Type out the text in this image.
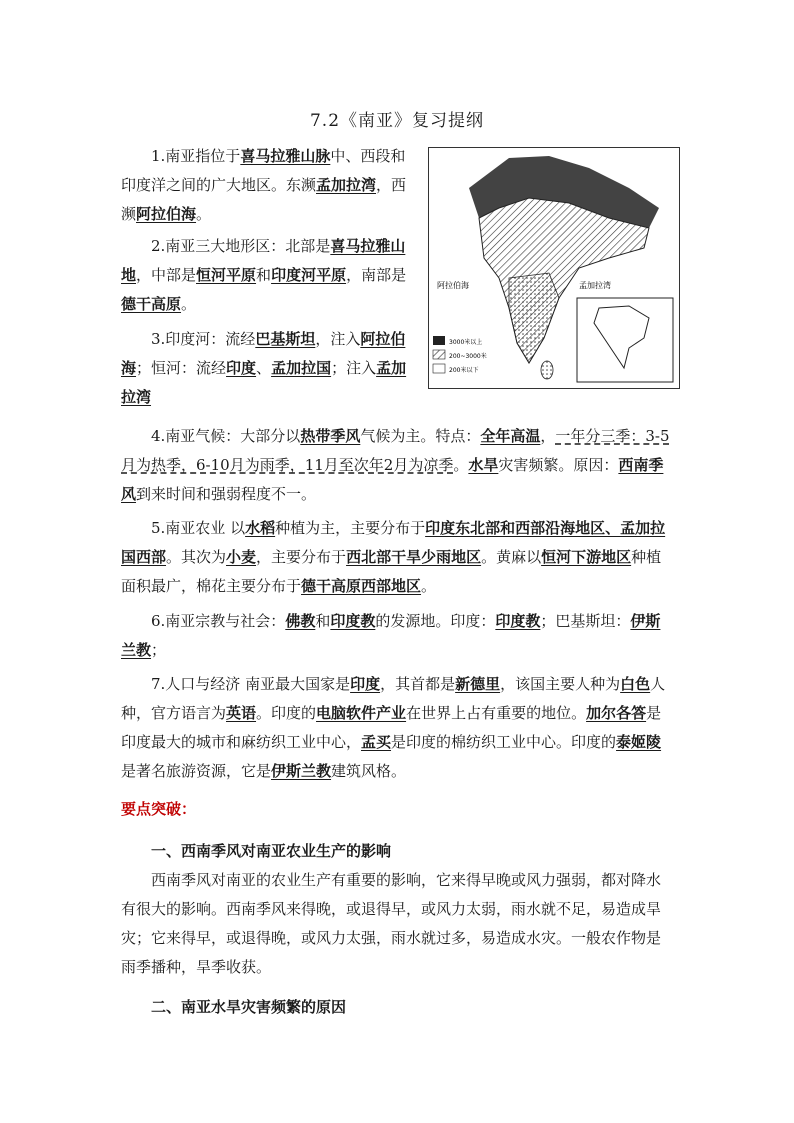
7.2《南亚》复习提纲
3000米以上
200~3000米
200米以下
阿拉伯海	孟加拉湾

1.南亚指位于喜马拉雅山脉中、西段和印度洋之间的广大地区。东濒孟加拉湾，西濒阿拉伯海。

2.南亚三大地形区：北部是喜马拉雅山地，中部是恒河平原和印度河平原，南部是德干高原。

3.印度河：流经巴基斯坦，注入阿拉伯海；恒河：流经印度、孟加拉国；注入孟加拉湾

4.南亚气候：大部分以热带季风气候为主。特点：全年高温，一年分三季：3-5月为热季，6-10月为雨季，11月至次年2月为凉季。水旱灾害频繁。原因：西南季风到来时间和强弱程度不一。

5.南亚农业 以水稻种植为主，主要分布于印度东北部和西部沿海地区、孟加拉国西部。其次为小麦，主要分布于西北部干旱少雨地区。黄麻以恒河下游地区种植面积最广，棉花主要分布于德干高原西部地区。

6.南亚宗教与社会：佛教和印度教的发源地。印度：印度教；巴基斯坦：伊斯兰教；

7.人口与经济 南亚最大国家是印度，其首都是新德里，该国主要人种为白色人种，官方语言为英语。印度的电脑软件产业在世界上占有重要的地位。加尔各答是印度最大的城市和麻纺织工业中心，孟买是印度的棉纺织工业中心。印度的泰姬陵是著名旅游资源，它是伊斯兰教建筑风格。

要点突破：
一、西南季风对南亚农业生产的影响

西南季风对南亚的农业生产有重要的影响，它来得早晚或风力强弱，都对降水有很大的影响。西南季风来得晚，或退得早，或风力太弱，雨水就不足，易造成旱灾；它来得早，或退得晚，或风力太强，雨水就过多，易造成水灾。一般农作物是雨季播种，旱季收获。

二、南亚水旱灾害频繁的原因
